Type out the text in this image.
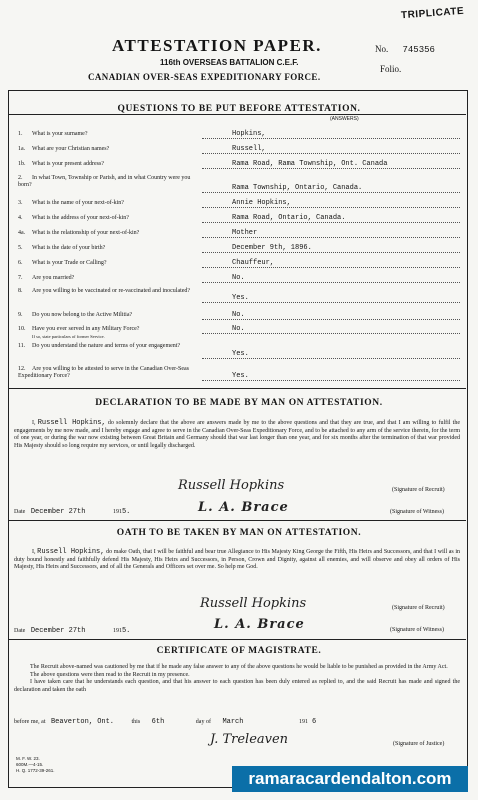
TRIPLICATE
ATTESTATION PAPER.
116th OVERSEAS BATTALION C.E.F.
No. 745356
Folio.
CANADIAN OVER-SEAS EXPEDITIONARY FORCE.
QUESTIONS TO BE PUT BEFORE ATTESTATION.
(ANSWERS)
1. What is your surname?	Hopkins,
1a. What are your Christian names?	Russell,
1b. What is your present address?	Rama Road, Rama Township, Ont. Canada
2. In what Town, Township or Parish, and in what Country were you born?	Rama Township, Ontario, Canada.
3. What is the name of your next-of-kin?	Annie Hopkins,
4. What is the address of your next-of-kin?	Rama Road, Ontario, Canada.
4a. What is the relationship of your next-of-kin?	Mother
5. What is the date of your birth?	December 9th, 1896.
6. What is your Trade or Calling?	Chauffeur,
7. Are you married?	No.
8. Are you willing to be vaccinated or re-vaccinated and inoculated?
Yes.
9. Do you now belong to the Active Militia?	No.
10. Have you ever served in any Military Force?
If so, state particulars of former Service.
No.
11. Do you understand the nature and terms of your engagement?
Yes.
12. Are you willing to be attested to serve in the Canadian Over-Seas Expeditionary Force?	Yes.
DECLARATION TO BE MADE BY MAN ON ATTESTATION.
I, Russell Hopkins, do solemnly declare that the above are answers made by me to the above questions and that they are true, and that I am willing to fulfil the engagements by me now made, and I hereby engage and agree to serve in the Canadian Over-Seas Expeditionary Force, and to be attached to any arm of the service therein, for the term of one year, or during the war now existing between Great Britain and Germany should that war last longer than one year, and for six months after the termination of that war provided His Majesty should so long require my services, or until legally discharged.
Russell Hopkins	(Signature of Recruit)
Date December 27th	1915.	L. A. Brace	(Signature of Witness)
OATH TO BE TAKEN BY MAN ON ATTESTATION.
I, Russell Hopkins, do make Oath, that I will be faithful and bear true Allegiance to His Majesty King George the Fifth, His Heirs and Successors, and that I will as in duty bound honestly and faithfully defend His Majesty, His Heirs and Successors, in Person, Crown and Dignity, against all enemies, and will observe and obey all orders of His Majesty, His Heirs and Successors, and of all the Generals and Officers set over me. So help me God.
Russell Hopkins	(Signature of Recruit)
Date December 27th	1915.	L. A. Brace	(Signature of Witness)
CERTIFICATE OF MAGISTRATE.
The Recruit above-named was cautioned by me that if he made any false answer to any of the above questions he would be liable to be punished as provided in the Army Act.
The above questions were then read to the Recruit in my presence.
I have taken care that he understands each question, and that his answer to each question has been duly entered as replied to, and the said Recruit has made and signed the declaration and taken the oath
before me, at Beaverton, Ont.	this 6th	day of March	191 6
J. Treleaven	(Signature of Justice)
M. F. W. 23.
600M.—4-15.
H. Q. 1772-39-261.	ramaracardendalton.com
